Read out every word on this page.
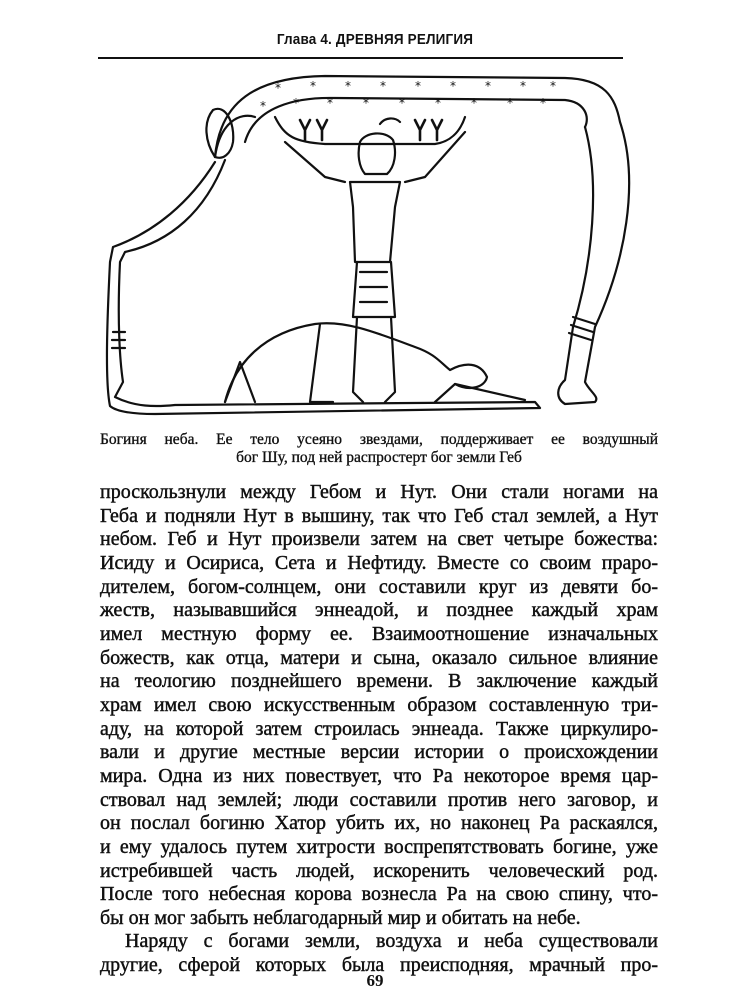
Глава 4. ДРЕВНЯЯ РЕЛИГИЯ
* * * * * * * * *
* * *	*	*	*	*	* *
Богиня неба. Ее тело усеяно звездами, поддерживает ее воздушный
бог Шу, под ней распростерт бог земли Геб
проскользнули между Гебом и Нут. Они стали ногами на
Геба и подняли Нут в вышину, так что Геб стал землей, а Нут
небом. Геб и Нут произвели затем на свет четыре божества:
Исиду и Осириса, Сета и Нефтиду. Вместе со своим праро-
дителем, богом-солнцем, они составили круг из девяти бо-
жеств, называвшийся эннеадой, и позднее каждый храм
имел местную форму ее. Взаимоотношение изначальных
божеств, как отца, матери и сына, оказало сильное влияние
на теологию позднейшего времени. В заключение каждый
храм имел свою искусственным образом составленную три-
аду, на которой затем строилась эннеада. Также циркулиро-
вали и другие местные версии истории о происхождении
мира. Одна из них повествует, что Ра некоторое время цар-
ствовал над землей; люди составили против него заговор, и
он послал богиню Хатор убить их, но наконец Ра раскаялся,
и ему удалось путем хитрости воспрепятствовать богине, уже
истребившей часть людей, искоренить человеческий род.
После того небесная корова вознесла Ра на свою спину, что-
бы он мог забыть неблагодарный мир и обитать на небе.
Наряду с богами земли, воздуха и неба существовали
другие, сферой которых была преисподняя, мрачный про-
69
